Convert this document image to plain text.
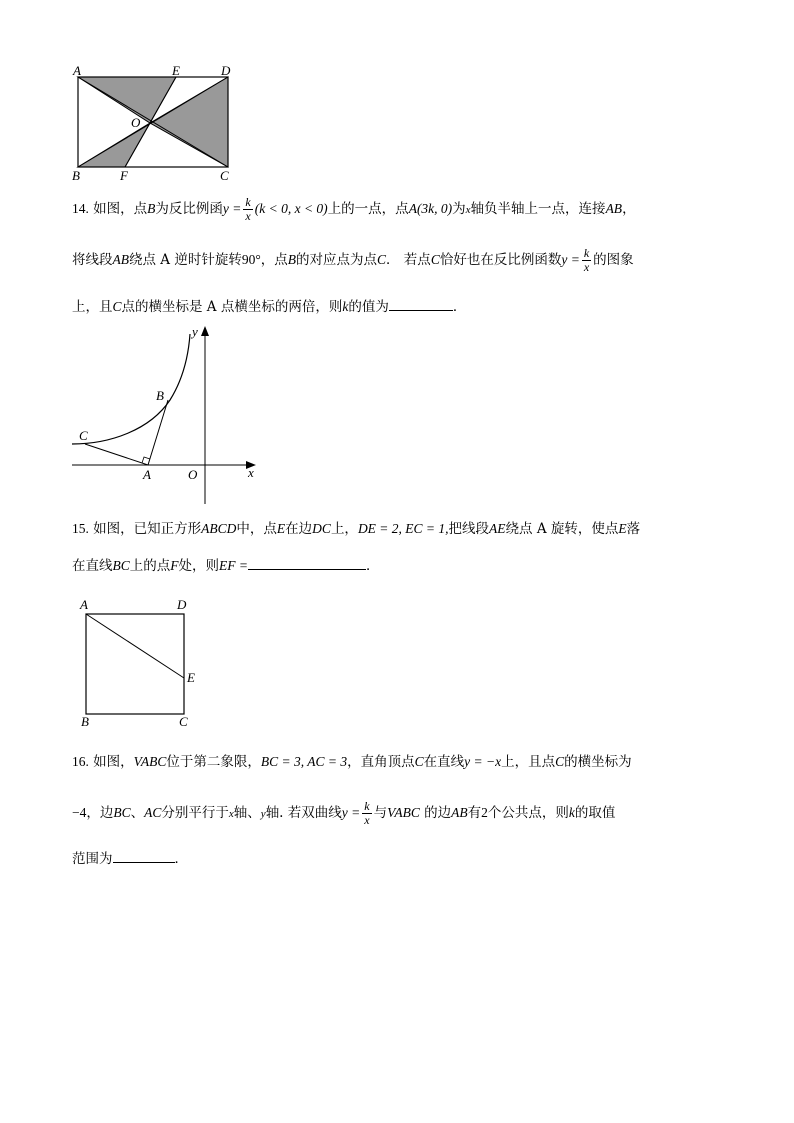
A	E	D
O
B	F	C
14. 如图，点B为反比例函$y = \frac{k}{x} (k < 0$, x < 0)上的一点，点A(3k, 0)为x轴负半轴上一点，连接AB，
将线段AB绕点 A 逆时针旋转90°，点B的对应点为点C． 若点C恰好也在反比例函数$y = \frac{k}{x}$ 的图象
上，且C点的横坐标是 A 点横坐标的两倍，则k的值为	．
y
B
C
A	O	x
15. 如图，已知正方形ABCD中，点E在边DC上，DE = 2, EC = 1,把线段AE绕点 A 旋转，使点E落
在直线BC上的点F处，则EF =	．
A	D
E
B	C
16. 如图，VABC位于第二象限，BC = 3, AC = 3，直角顶点C在直线y = −x上，且点C的横坐标为
−4，边BC、AC分别平行于x轴、y轴. 若双曲线$y = \frac{k}{x}$ 与VABC 的边AB有2个公共点，则k的取值
范围为	．
